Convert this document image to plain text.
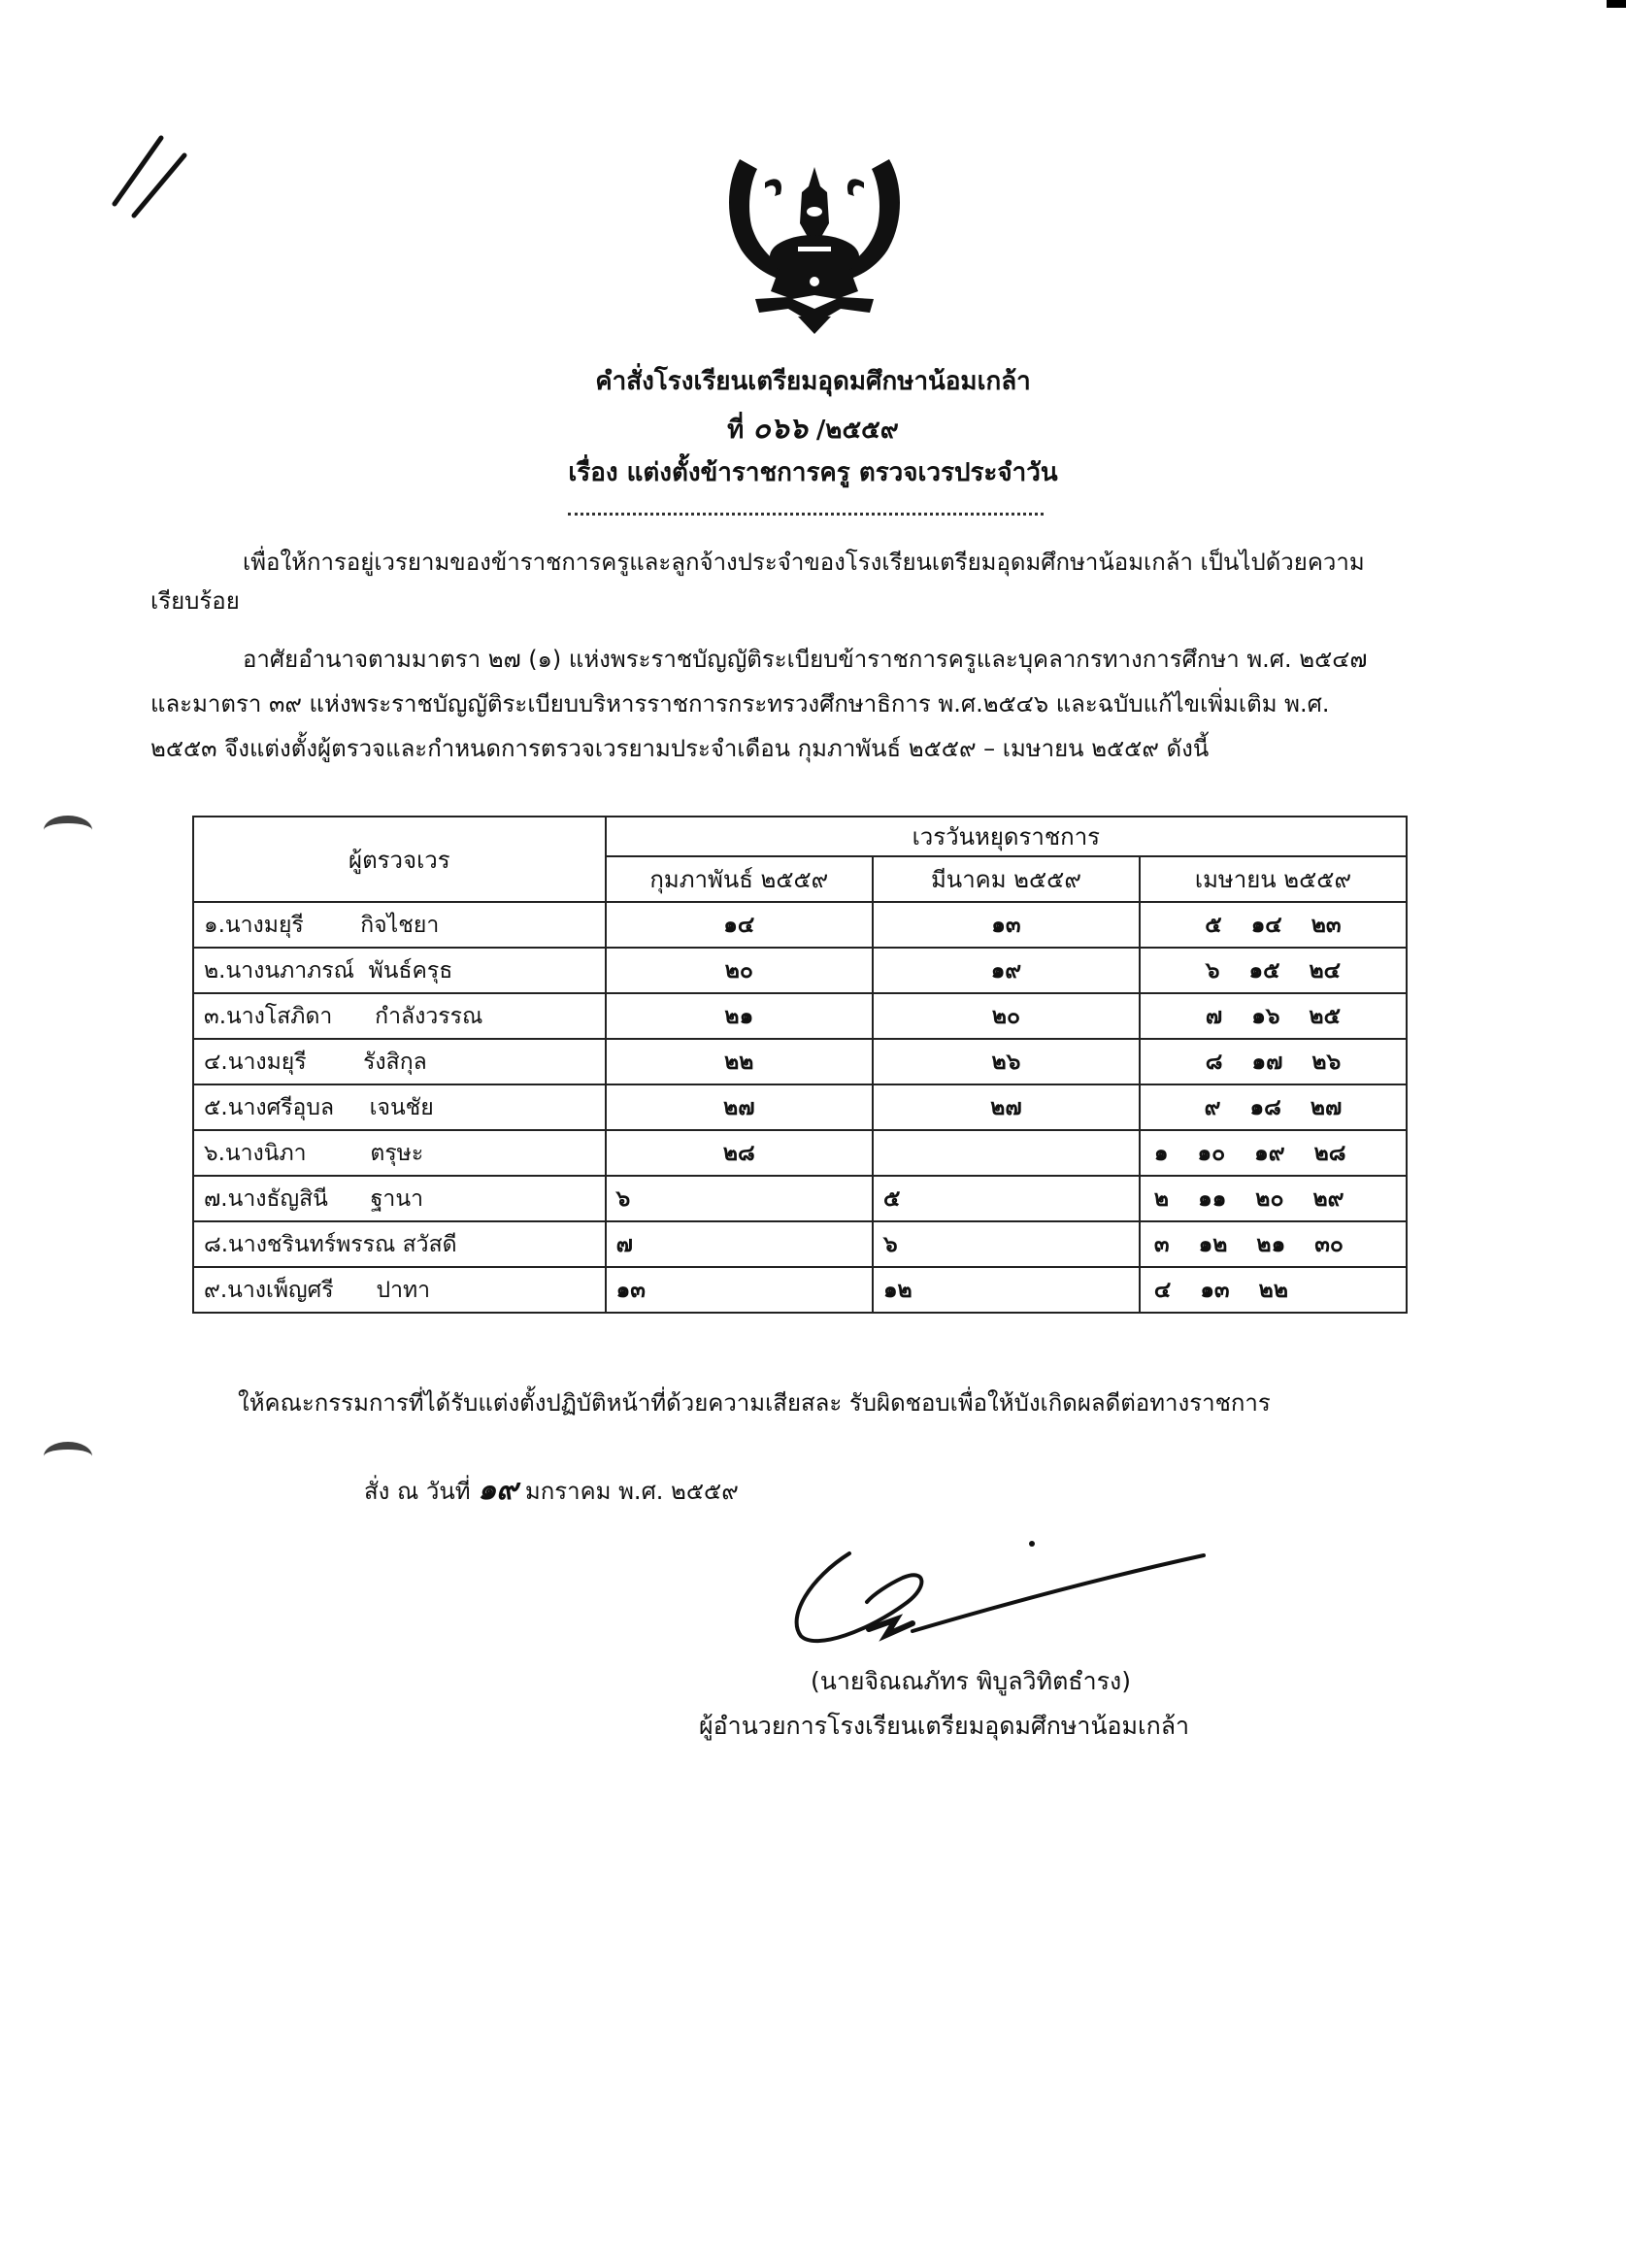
คำสั่งโรงเรียนเตรียมอุดมศึกษาน้อมเกล้า
ที่ ๐๖๖ /๒๕๕๙
เรื่อง แต่งตั้งข้าราชการครู ตรวจเวรประจำวัน
เพื่อให้การอยู่เวรยามของข้าราชการครูและลูกจ้างประจำของโรงเรียนเตรียมอุดมศึกษาน้อมเกล้า เป็นไปด้วยความ
เรียบร้อย
อาศัยอำนาจตามมาตรา ๒๗ (๑) แห่งพระราชบัญญัติระเบียบข้าราชการครูและบุคลากรทางการศึกษา พ.ศ. ๒๕๔๗
และมาตรา ๓๙ แห่งพระราชบัญญัติระเบียบบริหารราชการกระทรวงศึกษาธิการ พ.ศ.๒๕๔๖ และฉบับแก้ไขเพิ่มเติม พ.ศ.
๒๕๕๓ จึงแต่งตั้งผู้ตรวจและกำหนดการตรวจเวรยามประจำเดือน กุมภาพันธ์ ๒๕๕๙ – เมษายน ๒๕๕๙ ดังนี้
ผู้ตรวจเวร	เวรวันหยุดราชการ		
	กุมภาพันธ์ ๒๕๕๙	มีนาคม ๒๕๕๙	เมษายน ๒๕๕๙
๑.นางมยุรี        กิจไชยา	๑๔	๑๓	๕ ๑๔ ๒๓
๒.นางนภาภรณ์  พันธ์ครุธ	๒๐	๑๙	๖ ๑๕ ๒๔
๓.นางโสภิดา      กำลังวรรณ	๒๑	๒๐	๗ ๑๖ ๒๕
๔.นางมยุรี        รังสิกุล	๒๒	๒๖	๘ ๑๗ ๒๖
๕.นางศรีอุบล     เจนชัย	๒๗	๒๗	๙ ๑๘ ๒๗
๖.นางนิภา         ตรุษะ	๒๘		๑ ๑๐ ๑๙ ๒๘
๗.นางธัญสินี      ฐานา	๖	๕	๒ ๑๑ ๒๐ ๒๙
๘.นางชรินทร์พรรณ สวัสดี	๗	๖	๓ ๑๒ ๒๑ ๓๐
๙.นางเพ็ญศรี      ปาทา	๑๓	๑๒	๔ ๑๓ ๒๒
ให้คณะกรรมการที่ได้รับแต่งตั้งปฏิบัติหน้าที่ด้วยความเสียสละ รับผิดชอบเพื่อให้บังเกิดผลดีต่อทางราชการ
สั่ง ณ วันที่ ๑๙ มกราคม พ.ศ. ๒๕๕๙
(นายจิณณภัทร พิบูลวิทิตธำรง)
ผู้อำนวยการโรงเรียนเตรียมอุดมศึกษาน้อมเกล้า
